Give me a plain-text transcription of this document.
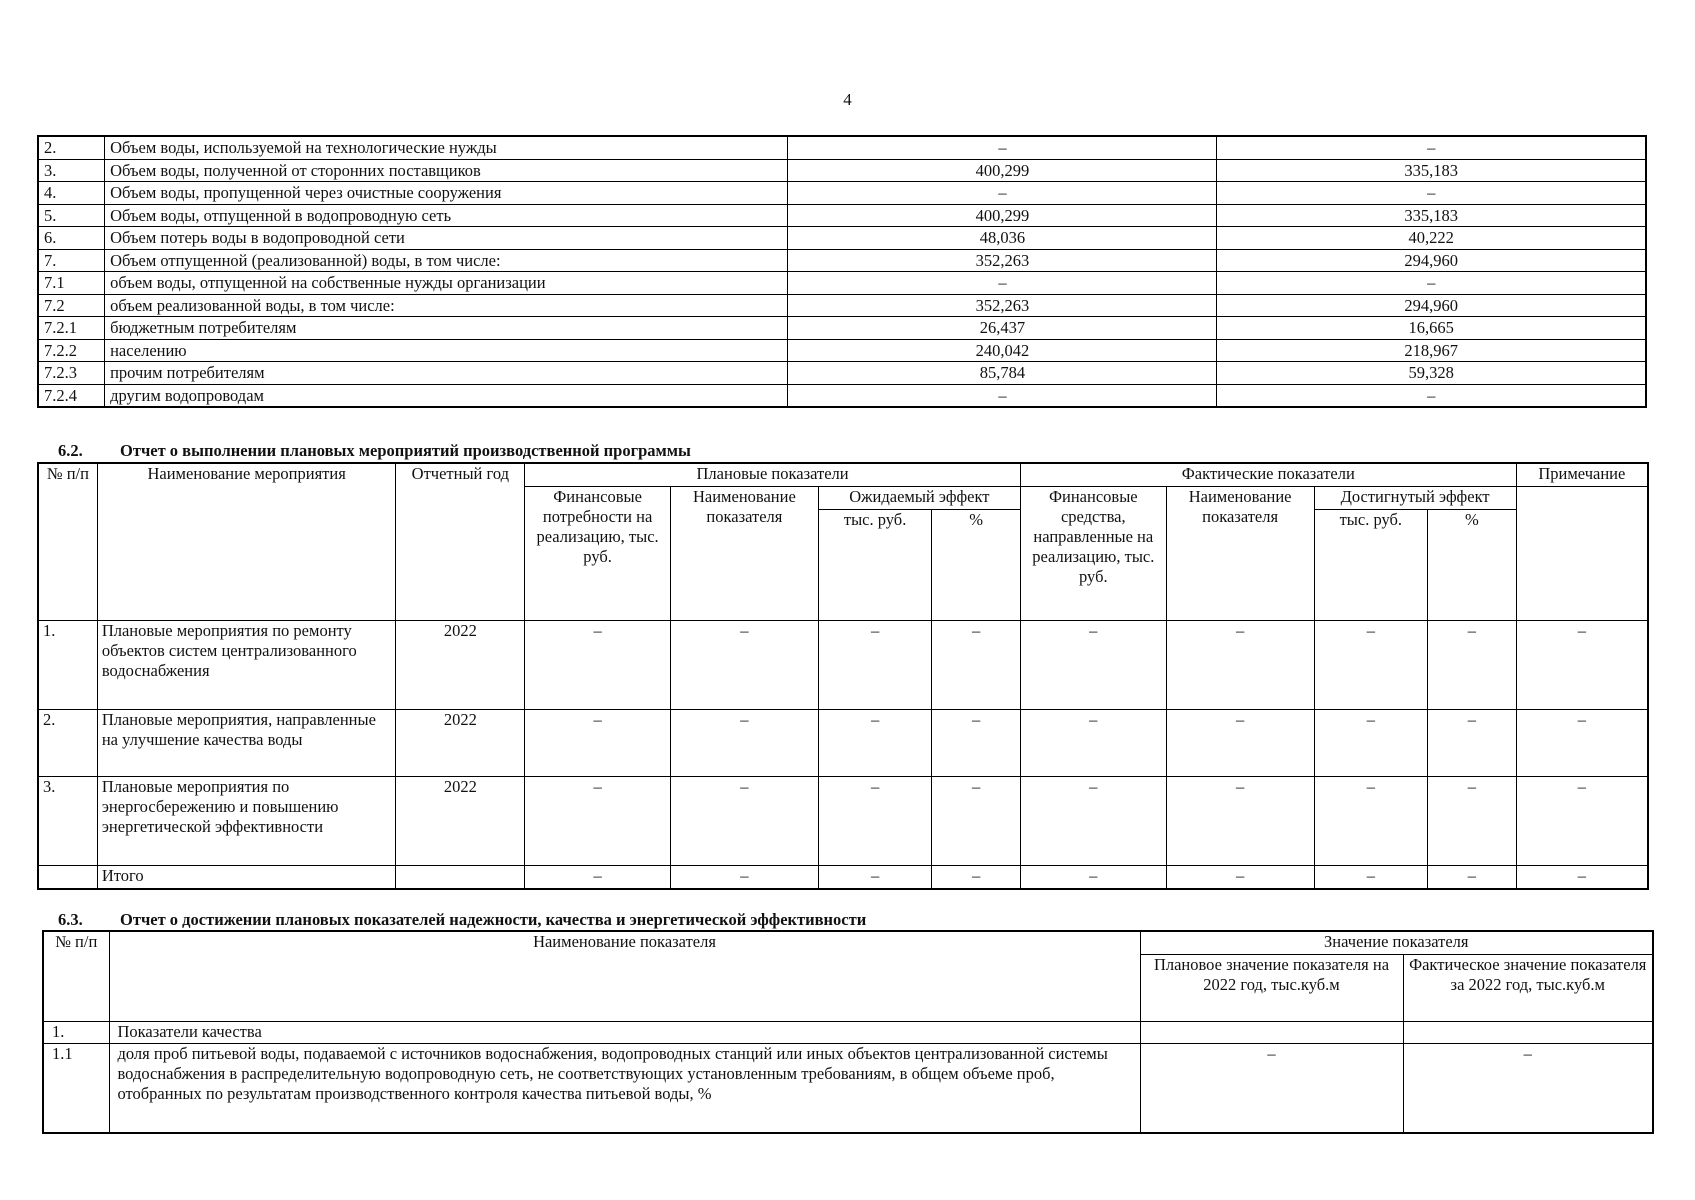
4
2.	Объем воды, используемой на технологические нужды	–	–
3.	Объем воды, полученной от сторонних поставщиков	400,299	335,183
4.	Объем воды, пропущенной через очистные сооружения	–	–
5.	Объем воды, отпущенной в водопроводную сеть	400,299	335,183
6.	Объем потерь воды в водопроводной сети	48,036	40,222
7.	Объем отпущенной (реализованной) воды, в том числе:	352,263	294,960
7.1	объем воды, отпущенной на собственные нужды организации	–	–
7.2	объем реализованной воды, в том числе:	352,263	294,960
7.2.1	бюджетным потребителям	26,437	16,665
7.2.2	населению	240,042	218,967
7.2.3	прочим потребителям	85,784	59,328
7.2.4	другим водопроводам	–	–
6.2. Отчет о выполнении плановых мероприятий производственной программы
№ п/п	Наименование мероприятия	Отчетный год	Плановые показатели				Фактические показатели				Примечание
			Финансовые потребности на реализацию, тыс. руб.	Наименование показателя	Ожидаемый эффект		Финансовые средства, направленные на реализацию, тыс. руб.	Наименование показателя	Достигнутый эффект		
					тыс. руб.	%			тыс. руб.	%	
1.	Плановые мероприятия по ремонту объектов систем централизованного водоснабжения	2022	–	–	–	–	–	–	–	–	–
2.	Плановые мероприятия, направленные на улучшение качества воды	2022	–	–	–	–	–	–	–	–	–
3.	Плановые мероприятия по энергосбережению и повышению энергетической эффективности	2022	–	–	–	–	–	–	–	–	–
	Итого		–	–	–	–	–	–	–	–	–
6.3. Отчет о достижении плановых показателей надежности, качества и энергетической эффективности
№ п/п	Наименование показателя	Значение показателя	
		Плановое значение показателя на 2022 год, тыс.куб.м	Фактическое значение показателя за 2022 год, тыс.куб.м
1.	Показатели качества		
1.1	доля проб питьевой воды, подаваемой с источников водоснабжения, водопроводных станций или иных объектов централизованной системы водоснабжения в распределительную водопроводную сеть, не соответствующих установленным требованиям, в общем объеме проб, отобранных по результатам производственного контроля качества питьевой воды, %	–	–
